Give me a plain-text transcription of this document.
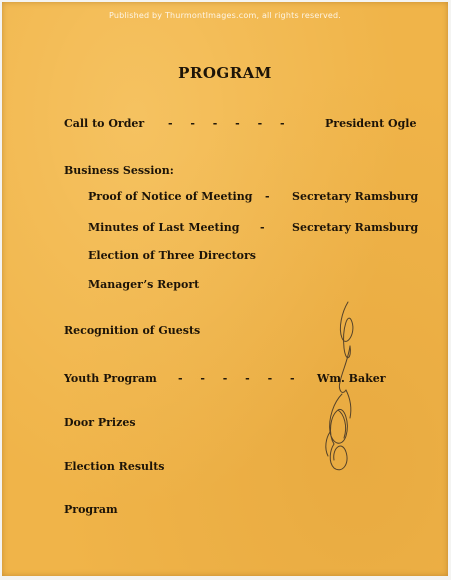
Published by ThurmontImages.com, all rights reserved.
PROGRAM
Call to Order - - - - - -	President Ogle
Business Session:
Proof of Notice of Meeting - Secretary Ramsburg
Minutes of Last Meeting - Secretary Ramsburg
Election of Three Directors
Manager’s Report
Recognition of Guests
Youth Program - - - - - - Wm. Baker
Door Prizes
Election Results
Program
